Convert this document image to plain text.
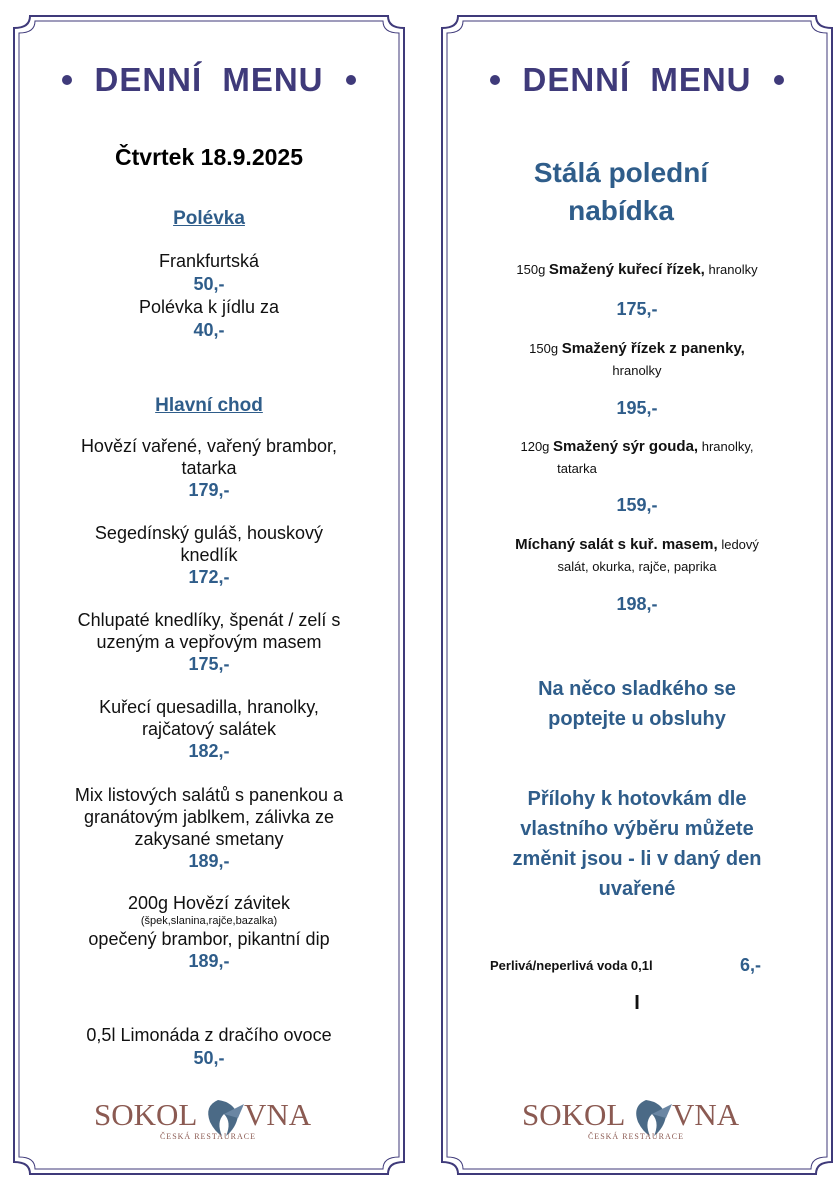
DENNÍ MENU
Čtvrtek 18.9.2025
Polévka
Frankfurtská
50,-
Polévka k jídlu za
40,-
Hlavní chod
Hovězí vařené, vařený brambor,
tatarka
179,-
Segedínský guláš, houskový
knedlík
172,-
Chlupaté knedlíky, špenát / zelí s
uzeným a vepřovým masem
175,-
Kuřecí quesadilla, hranolky,
rajčatový salátek
182,-
Mix listových salátů s panenkou a
granátovým jablkem, zálivka ze
zakysané smetany
189,-
200g Hovězí závitek
(špek,slanina,rajče,bazalka)
opečený brambor, pikantní dip
189,-
0,5l Limonáda z dračího ovoce
50,-
SOKOL VNA
ČESKÁ RESTAURACE
DENNÍ MENU
Stálá polední
nabídka
150g Smažený kuřecí řízek, hranolky
175,-
150g Smažený řízek z panenky,
hranolky
195,-
120g Smažený sýr gouda, hranolky,
tatarka
159,-
Míchaný salát s kuř. masem, ledový
salát, okurka, rajče, paprika
198,-
Na něco sladkého se
poptejte u obsluhy
Přílohy k hotovkám dle
vlastního výběru můžete
změnit jsou - li v daný den
uvařené
Perlivá/neperlivá voda 0,1l	6,-
I
SOKOL VNA
ČESKÁ RESTAURACE
